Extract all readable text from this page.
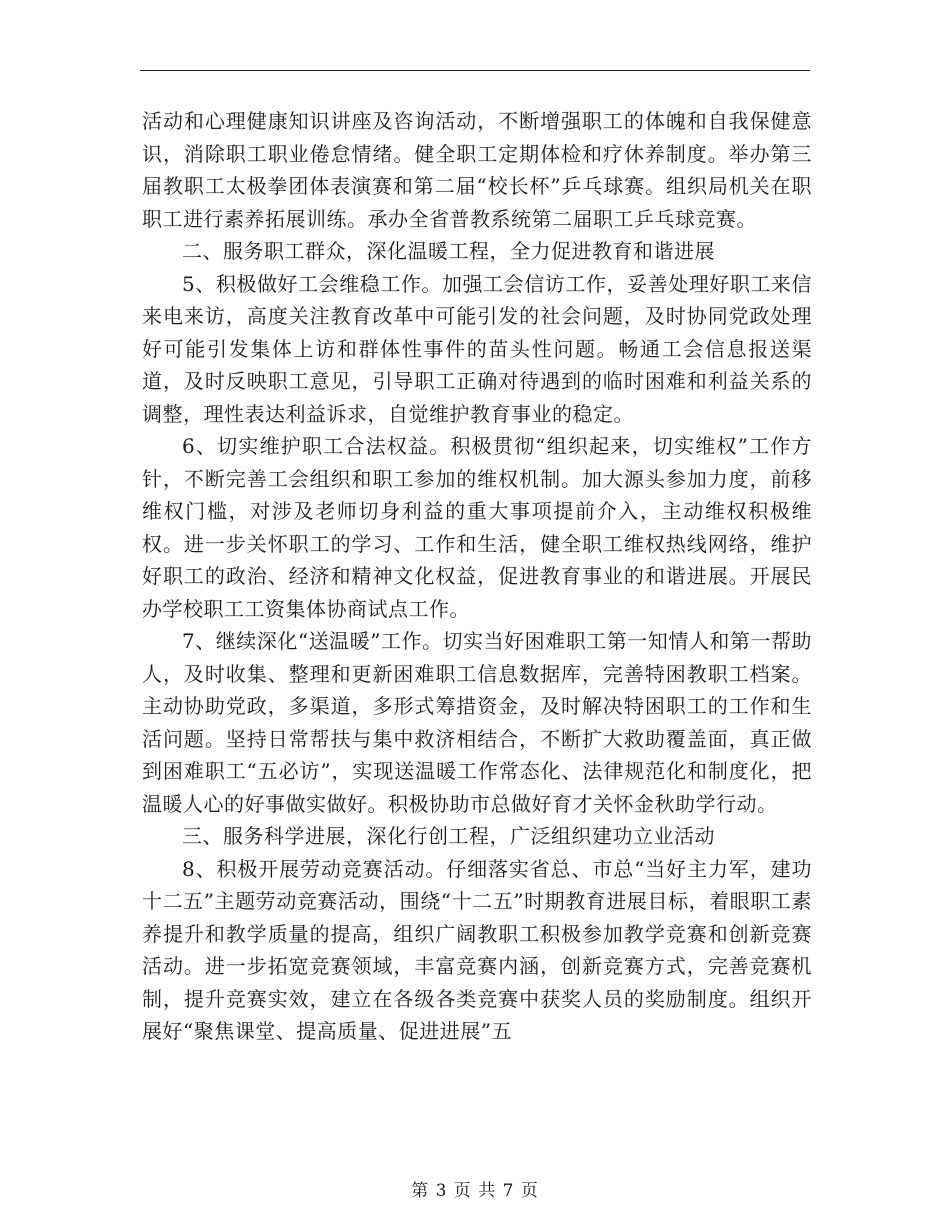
活动和心理健康知识讲座及咨询活动，不断增强职工的体魄和自我保健意识，消除职工职业倦怠情绪。健全职工定期体检和疗休养制度。举办第三届教职工太极拳团体表演赛和第二届“校长杯”乒乓球赛。组织局机关在职职工进行素养拓展训练。承办全省普教系统第二届职工乒乓球竞赛。

二、服务职工群众，深化温暖工程，全力促进教育和谐进展

5、积极做好工会维稳工作。加强工会信访工作，妥善处理好职工来信来电来访，高度关注教育改革中可能引发的社会问题，及时协同党政处理好可能引发集体上访和群体性事件的苗头性问题。畅通工会信息报送渠道，及时反映职工意见，引导职工正确对待遇到的临时困难和利益关系的调整，理性表达利益诉求，自觉维护教育事业的稳定。

6、切实维护职工合法权益。积极贯彻“组织起来，切实维权”工作方针，不断完善工会组织和职工参加的维权机制。加大源头参加力度，前移维权门槛，对涉及老师切身利益的重大事项提前介入，主动维权积极维权。进一步关怀职工的学习、工作和生活，健全职工维权热线网络，维护好职工的政治、经济和精神文化权益，促进教育事业的和谐进展。开展民办学校职工工资集体协商试点工作。

7、继续深化“送温暖”工作。切实当好困难职工第一知情人和第一帮助人，及时收集、整理和更新困难职工信息数据库，完善特困教职工档案。主动协助党政，多渠道，多形式筹措资金，及时解决特困职工的工作和生活问题。坚持日常帮扶与集中救济相结合，不断扩大救助覆盖面，真正做到困难职工“五必访”，实现送温暖工作常态化、法律规范化和制度化，把温暖人心的好事做实做好。积极协助市总做好育才关怀金秋助学行动。

三、服务科学进展，深化行创工程，广泛组织建功立业活动

8、积极开展劳动竞赛活动。仔细落实省总、市总“当好主力军，建功十二五”主题劳动竞赛活动，围绕“十二五”时期教育进展目标，着眼职工素养提升和教学质量的提高，组织广阔教职工积极参加教学竞赛和创新竞赛活动。进一步拓宽竞赛领域，丰富竞赛内涵，创新竞赛方式，完善竞赛机制，提升竞赛实效，建立在各级各类竞赛中获奖人员的奖励制度。组织开展好“聚焦课堂、提高质量、促进进展”五

第 3 页 共 7 页
